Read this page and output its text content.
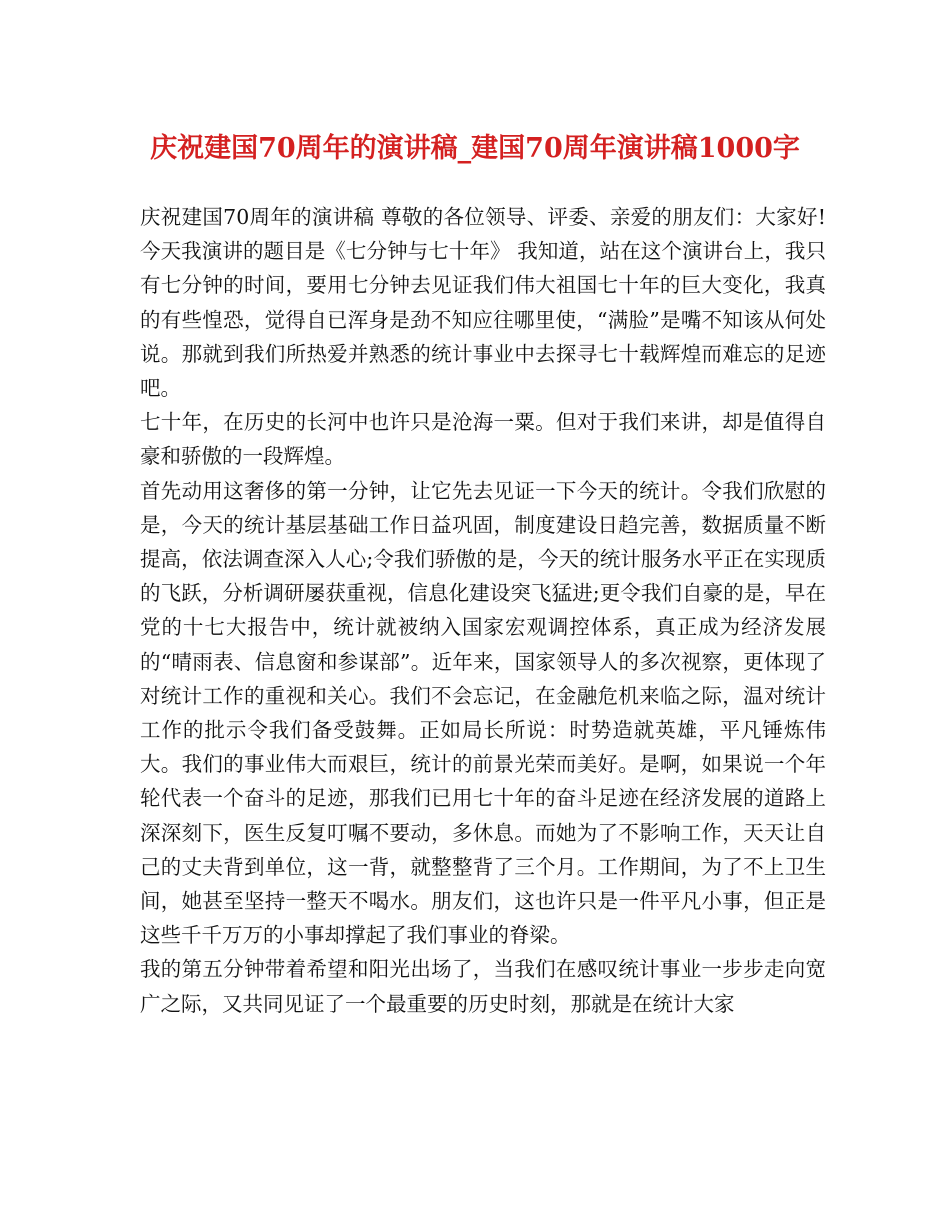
庆祝建国70周年的演讲稿_建国70周年演讲稿1000字

庆祝建国70周年的演讲稿 尊敬的各位领导、评委、亲爱的朋友们：大家好!今天我演讲的题目是《七分钟与七十年》 我知道，站在这个演讲台上，我只有七分钟的时间，要用七分钟去见证我们伟大祖国七十年的巨大变化，我真的有些惶恐，觉得自已浑身是劲不知应往哪里使，“满脸”是嘴不知该从何处说。那就到我们所热爱并熟悉的统计事业中去探寻七十载辉煌而难忘的足迹吧。

七十年，在历史的长河中也许只是沧海一粟。但对于我们来讲，却是值得自豪和骄傲的一段辉煌。

首先动用这奢侈的第一分钟，让它先去见证一下今天的统计。令我们欣慰的是，今天的统计基层基础工作日益巩固，制度建设日趋完善，数据质量不断提高，依法调查深入人心;令我们骄傲的是，今天的统计服务水平正在实现质的飞跃，分析调研屡获重视，信息化建设突飞猛进;更令我们自豪的是，早在党的十七大报告中，统计就被纳入国家宏观调控体系，真正成为经济发展的“晴雨表、信息窗和参谋部”。近年来，国家领导人的多次视察，更体现了对统计工作的重视和关心。我们不会忘记，在金融危机来临之际，温对统计工作的批示令我们备受鼓舞。正如局长所说：时势造就英雄，平凡锤炼伟大。我们的事业伟大而艰巨，统计的前景光荣而美好。是啊，如果说一个年轮代表一个奋斗的足迹，那我们已用七十年的奋斗足迹在经济发展的道路上深深刻下，医生反复叮嘱不要动，多休息。而她为了不影响工作，天天让自己的丈夫背到单位，这一背，就整整背了三个月。工作期间，为了不上卫生间，她甚至坚持一整天不喝水。朋友们，这也许只是一件平凡小事，但正是这些千千万万的小事却撑起了我们事业的脊梁。

我的第五分钟带着希望和阳光出场了，当我们在感叹统计事业一步步走向宽广之际，又共同见证了一个最重要的历史时刻，那就是在统计大家
